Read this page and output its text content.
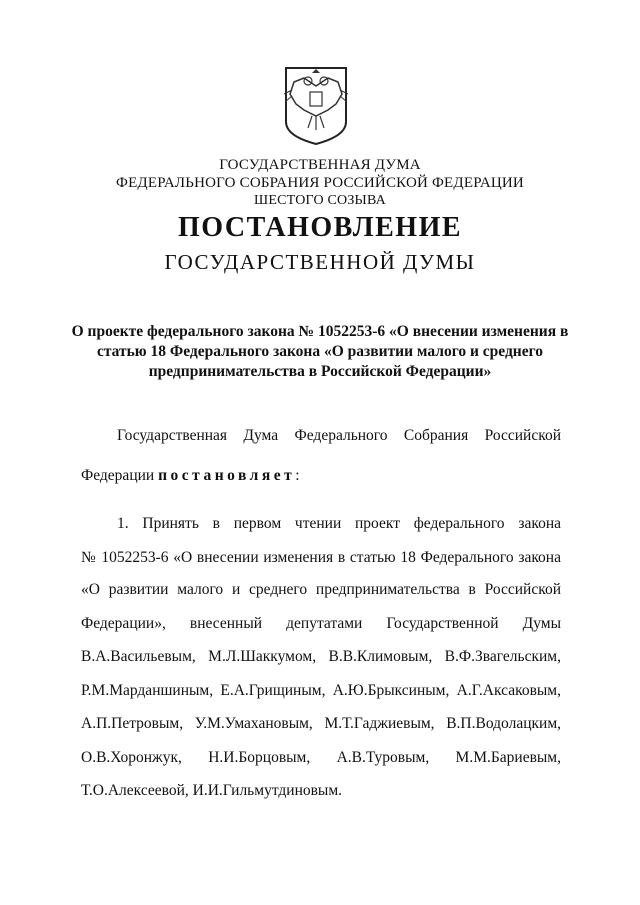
ГОСУДАРСТВЕННАЯ ДУМА
ФЕДЕРАЛЬНОГО СОБРАНИЯ РОССИЙСКОЙ ФЕДЕРАЦИИ
ШЕСТОГО СОЗЫВА
ПОСТАНОВЛЕНИЕ
ГОСУДАРСТВЕННОЙ ДУМЫ
О проекте федерального закона № 1052253-6 «О внесении изменения в
статью 18 Федерального закона «О развитии малого и среднего
предпринимательства в Российской Федерации»
Государственная Дума Федерального Собрания Российской
Федерации постановляет:
1. Принять в первом чтении проект федерального закона
№ 1052253-6 «О внесении изменения в статью 18 Федерального закона
«О развитии малого и среднего предпринимательства в Российской
Федерации», внесенный депутатами Государственной Думы
В.А.Васильевым, М.Л.Шаккумом, В.В.Климовым, В.Ф.Звагельским,
Р.М.Марданшиным, Е.А.Грищиным, А.Ю.Брыксиным, А.Г.Аксаковым,
А.П.Петровым, У.М.Умахановым, М.Т.Гаджиевым, В.П.Водолацким,
О.В.Хоронжук, Н.И.Борцовым, А.В.Туровым, М.М.Бариевым,
Т.О.Алексеевой, И.И.Гильмутдиновым.
